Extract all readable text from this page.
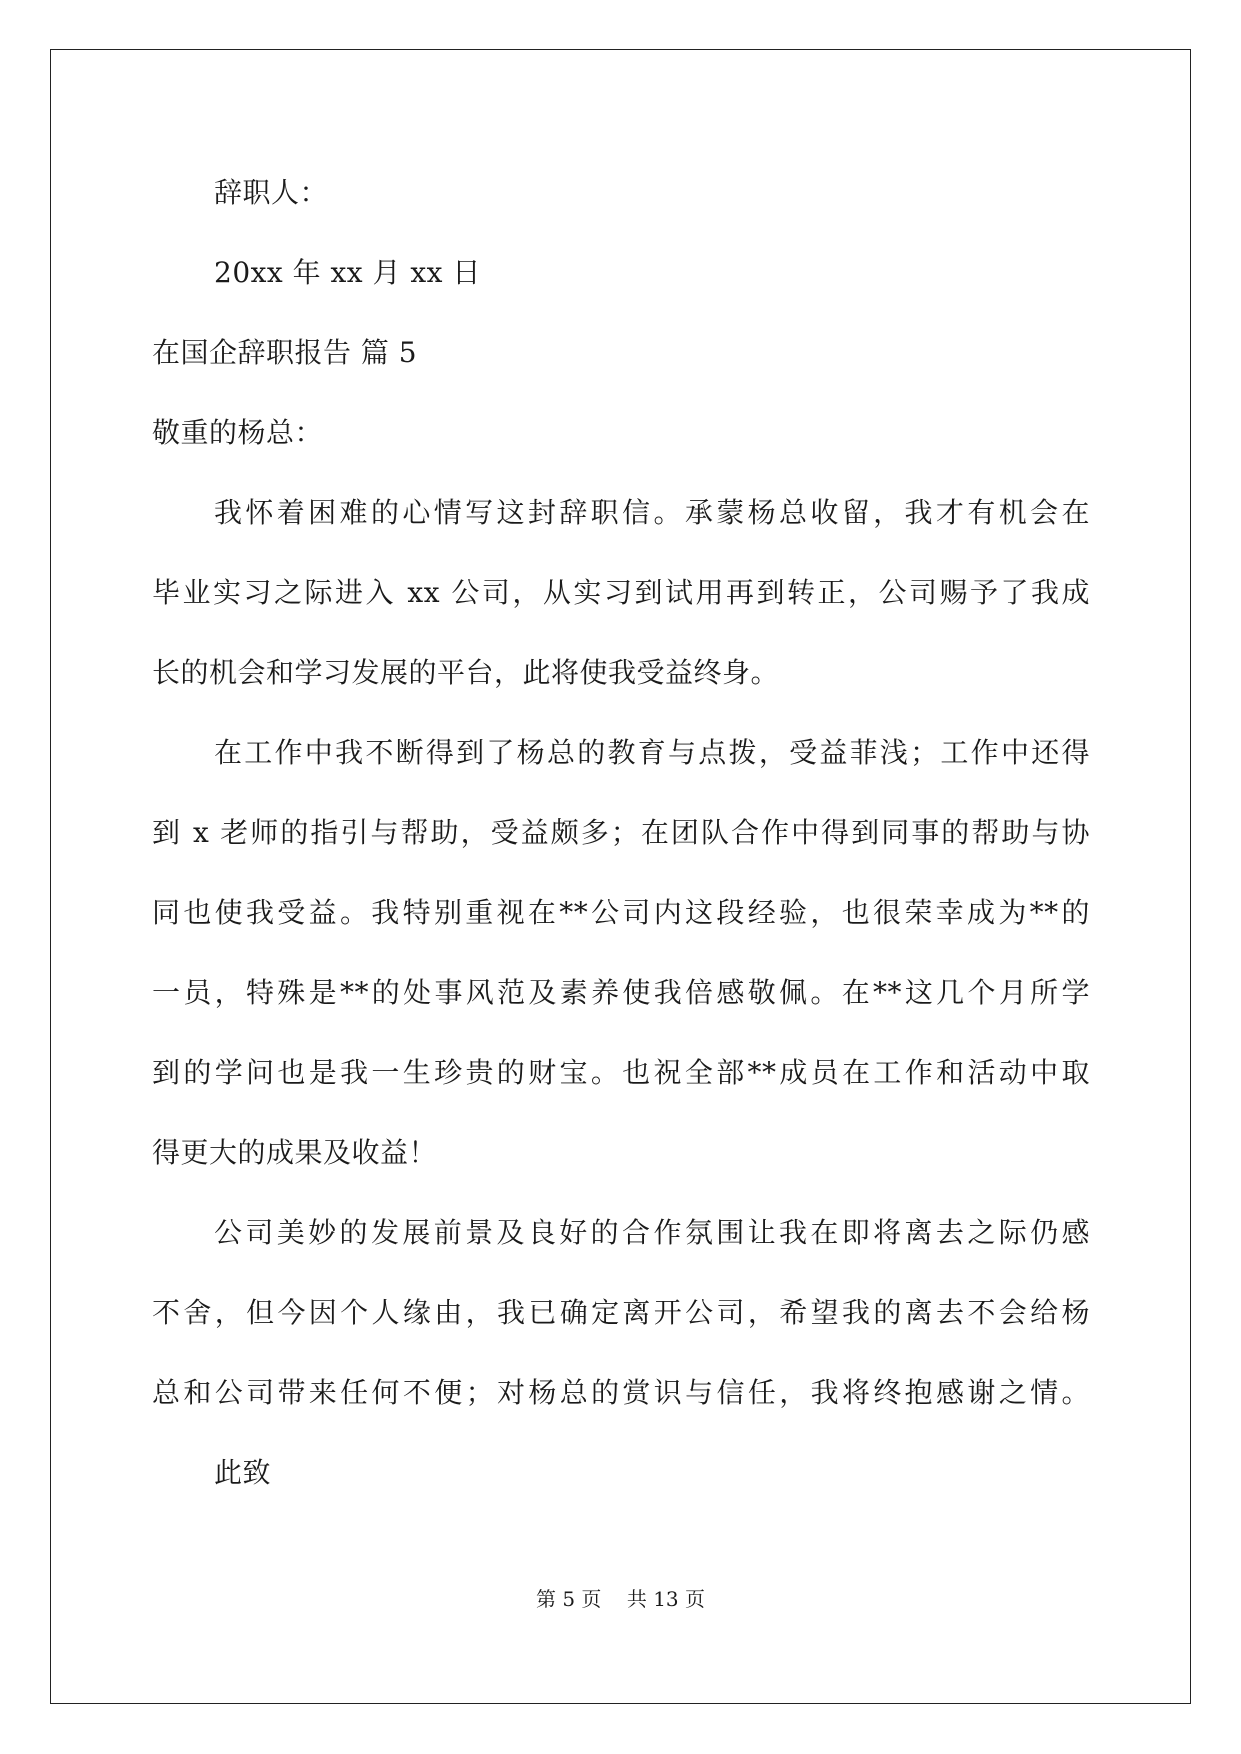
辞职人：
20xx 年 xx 月 xx 日
在国企辞职报告 篇 5
敬重的杨总：
我怀着困难的心情写这封辞职信。承蒙杨总收留，我才有机会在
毕业实习之际进入 xx 公司，从实习到试用再到转正，公司赐予了我成
长的机会和学习发展的平台，此将使我受益终身。
在工作中我不断得到了杨总的教育与点拨，受益菲浅；工作中还得
到 x 老师的指引与帮助，受益颇多；在团队合作中得到同事的帮助与协
同也使我受益。我特别重视在**公司内这段经验，也很荣幸成为**的
一员，特殊是**的处事风范及素养使我倍感敬佩。在**这几个月所学
到的学问也是我一生珍贵的财宝。也祝全部**成员在工作和活动中取
得更大的成果及收益！
公司美妙的发展前景及良好的合作氛围让我在即将离去之际仍感
不舍，但今因个人缘由，我已确定离开公司，希望我的离去不会给杨
总和公司带来任何不便；对杨总的赏识与信任，我将终抱感谢之情。
此致
第 5 页    共 13 页
